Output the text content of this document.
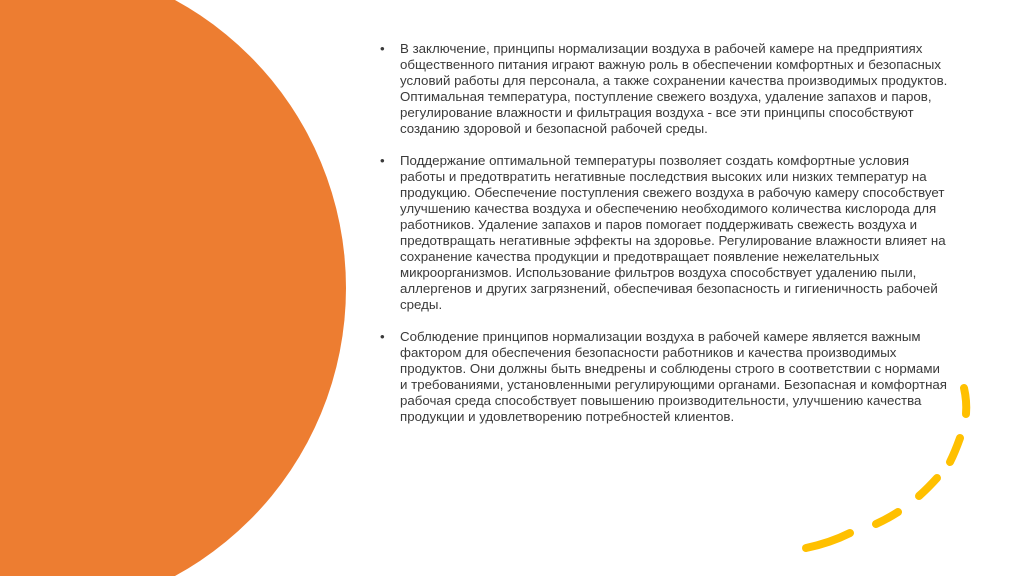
• В заключение, принципы нормализации воздуха в рабочей камере на предприятиях общественного питания играют важную роль в обеспечении комфортных и безопасных условий работы для персонала, а также сохранении качества производимых продуктов. Оптимальная температура, поступление свежего воздуха, удаление запахов и паров, регулирование влажности и фильтрация воздуха - все эти принципы способствуют созданию здоровой и безопасной рабочей среды.
• Поддержание оптимальной температуры позволяет создать комфортные условия работы и предотвратить негативные последствия высоких или низких температур на продукцию. Обеспечение поступления свежего воздуха в рабочую камеру способствует улучшению качества воздуха и обеспечению необходимого количества кислорода для работников. Удаление запахов и паров помогает поддерживать свежесть воздуха и предотвращать негативные эффекты на здоровье. Регулирование влажности влияет на сохранение качества продукции и предотвращает появление нежелательных микроорганизмов. Использование фильтров воздуха способствует удалению пыли, аллергенов и других загрязнений, обеспечивая безопасность и гигиеничность рабочей среды.
• Соблюдение принципов нормализации воздуха в рабочей камере является важным фактором для обеспечения безопасности работников и качества производимых продуктов. Они должны быть внедрены и соблюдены строго в соответствии с нормами и требованиями, установленными регулирующими органами. Безопасная и комфортная рабочая среда способствует повышению производительности, улучшению качества продукции и удовлетворению потребностей клиентов.
